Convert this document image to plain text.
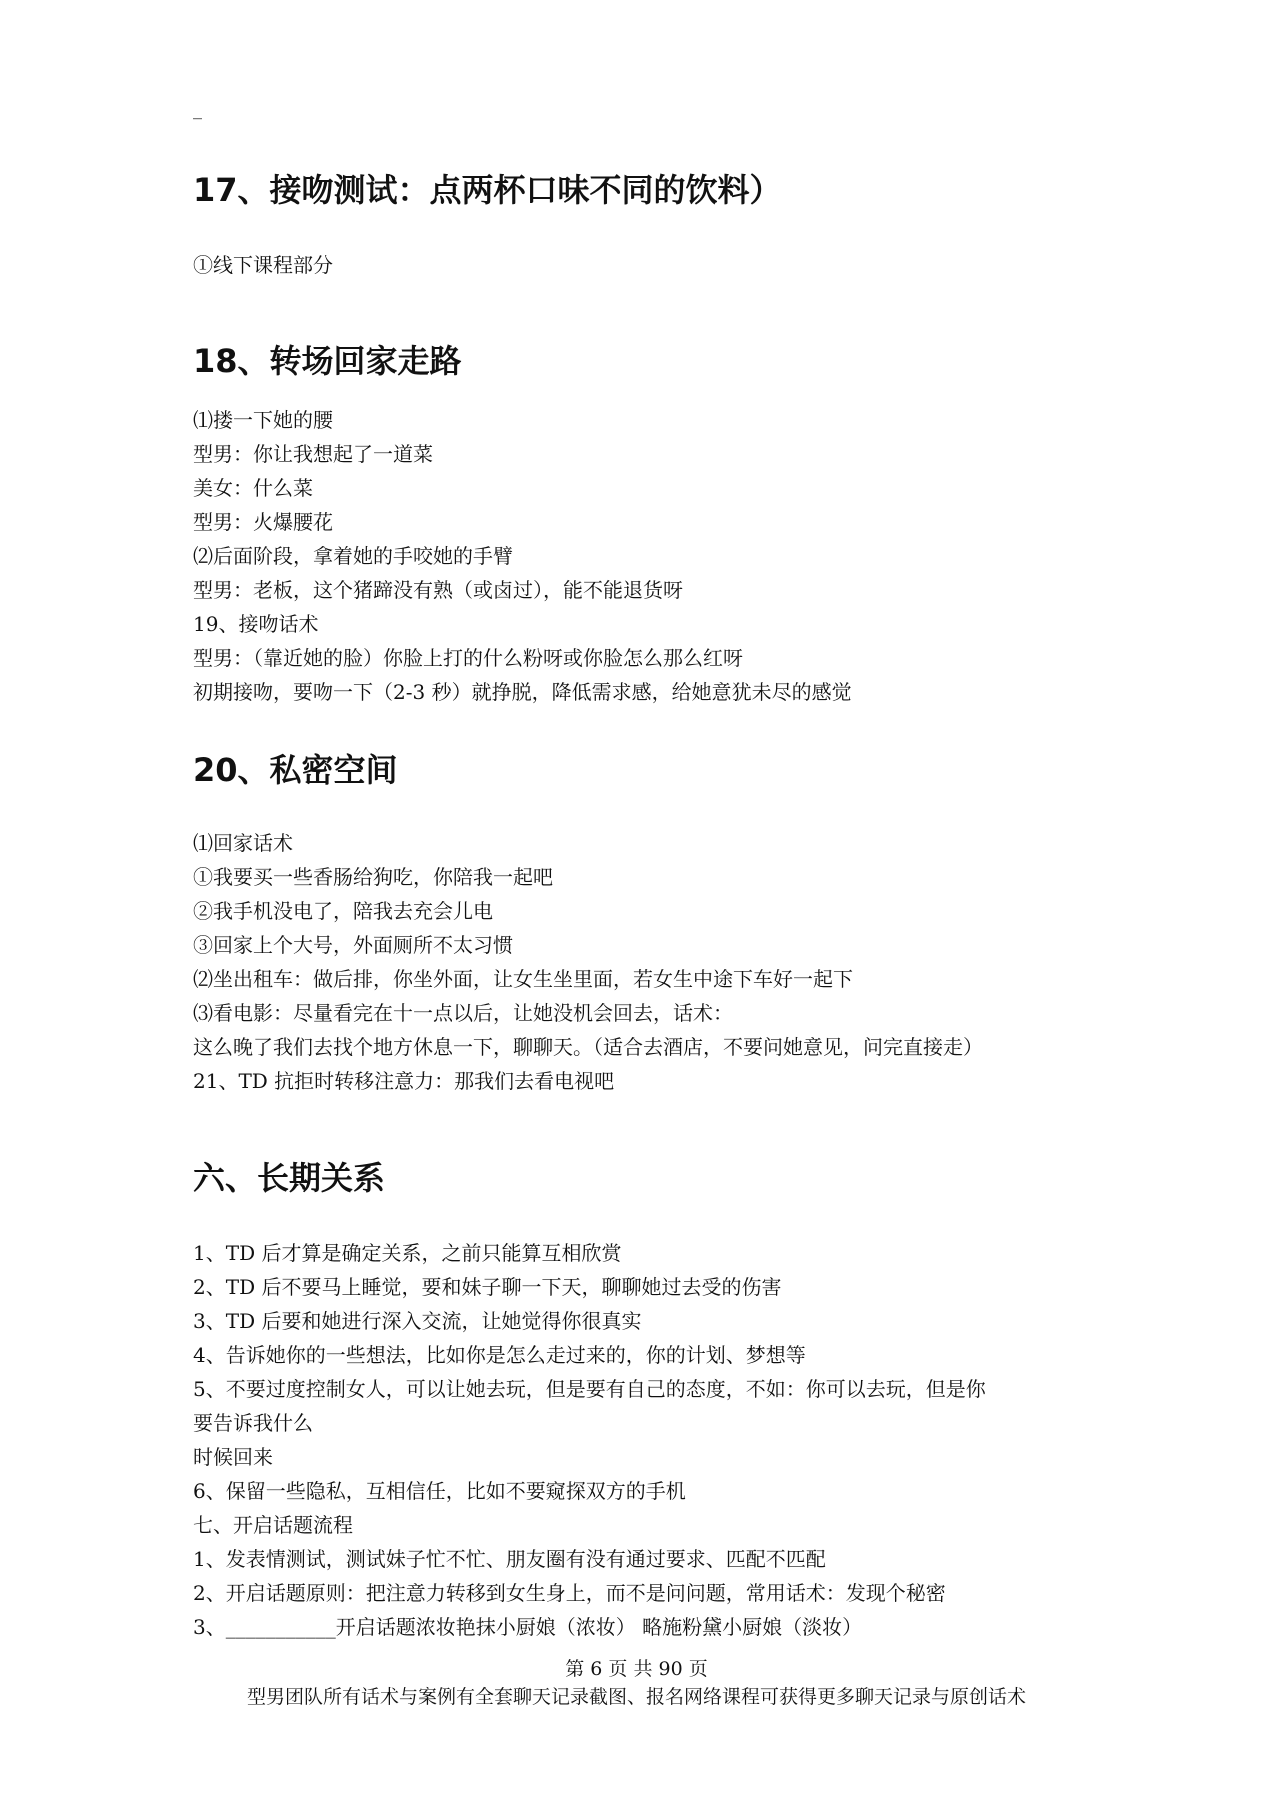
_
17、接吻测试：点两杯口味不同的饮料）
①线下课程部分
18、转场回家走路
⑴搂一下她的腰
型男：你让我想起了一道菜
美女：什么菜
型男：火爆腰花
⑵后面阶段，拿着她的手咬她的手臂
型男：老板，这个猪蹄没有熟（或卤过），能不能退货呀
19、接吻话术
型男：（靠近她的脸）你脸上打的什么粉呀或你脸怎么那么红呀
初期接吻，要吻一下（2-3 秒）就挣脱，降低需求感，给她意犹未尽的感觉
20、私密空间
⑴回家话术
①我要买一些香肠给狗吃，你陪我一起吧
②我手机没电了，陪我去充会儿电
③回家上个大号，外面厕所不太习惯
⑵坐出租车：做后排，你坐外面，让女生坐里面，若女生中途下车好一起下
⑶看电影：尽量看完在十一点以后，让她没机会回去，话术：
这么晚了我们去找个地方休息一下，聊聊天。（适合去酒店，不要问她意见，问完直接走）
21、TD 抗拒时转移注意力：那我们去看电视吧
六、长期关系
1、TD 后才算是确定关系，之前只能算互相欣赏
2、TD 后不要马上睡觉，要和妹子聊一下天，聊聊她过去受的伤害
3、TD 后要和她进行深入交流，让她觉得你很真实
4、告诉她你的一些想法，比如你是怎么走过来的，你的计划、梦想等
5、不要过度控制女人，可以让她去玩，但是要有自己的态度，不如：你可以去玩，但是你
要告诉我什么
时候回来
6、保留一些隐私，互相信任，比如不要窥探双方的手机
七、开启话题流程
1、发表情测试，测试妹子忙不忙、朋友圈有没有通过要求、匹配不匹配
2、开启话题原则：把注意力转移到女生身上，而不是问问题，常用话术：发现个秘密
3、___________开启话题浓妆艳抹小厨娘（浓妆） 略施粉黛小厨娘（淡妆）
第 6 页 共 90 页
型男团队所有话术与案例有全套聊天记录截图、报名网络课程可获得更多聊天记录与原创话术
